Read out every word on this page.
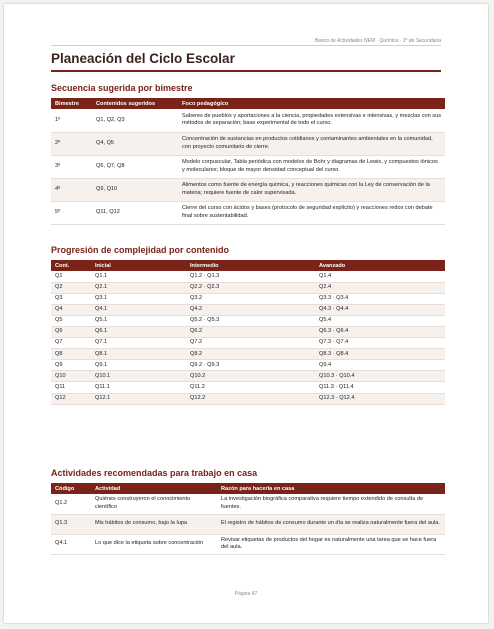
Banco de Actividades NEM · Química · 3° de Secundaria
Planeación del Ciclo Escolar
Secuencia sugerida por bimestre
Bimestre	Contenidos sugeridos	Foco pedagógico
1º	Q1, Q2, Q3	Saberes de pueblos y aportaciones a la ciencia, propiedades extensivas e intensivas, y mezclas con sus métodos de separación; base experimental de todo el curso.
2º	Q4, Q5	Concentración de sustancias en productos cotidianos y contaminantes ambientales en la comunidad, con proyecto comunitario de cierre.
3º	Q6, Q7, Q8	Modelo corpuscular, Tabla periódica con modelos de Bohr y diagramas de Lewis, y compuestos iónicos y moleculares; bloque de mayor densidad conceptual del curso.
4º	Q9, Q10	Alimentos como fuente de energía química, y reacciones químicas con la Ley de conservación de la materia; requiere fuente de calor supervisada.
5º	Q11, Q12	Cierre del curso con ácidos y bases (protocolo de seguridad explícito) y reacciones redox con debate final sobre sustentabilidad.
Progresión de complejidad por contenido
Cont.	Inicial	Intermedio	Avanzado
Q1	Q1.1	Q1.2 · Q1.3	Q1.4
Q2	Q2.1	Q2.2 · Q2.3	Q2.4
Q3	Q3.1	Q3.2	Q3.3 · Q3.4
Q4	Q4.1	Q4.2	Q4.3 · Q4.4
Q5	Q5.1	Q5.2 · Q5.3	Q5.4
Q6	Q6.1	Q6.2	Q6.3 · Q6.4
Q7	Q7.1	Q7.2	Q7.3 · Q7.4
Q8	Q8.1	Q8.2	Q8.3 · Q8.4
Q9	Q9.1	Q9.2 · Q9.3	Q9.4
Q10	Q10.1	Q10.2	Q10.3 · Q10.4
Q11	Q11.1	Q11.2	Q11.3 · Q11.4
Q12	Q12.1	Q12.2	Q12.3 · Q12.4
Actividades recomendadas para trabajo en casa
Código	Actividad	Razón para hacerla en casa
Q1.2	Quiénes construyeron el conocimiento científico	La investigación biográfica comparativa requiere tiempo extendido de consulta de fuentes.
Q1.3	Mis hábitos de consumo, bajo la lupa	El registro de hábitos de consumo durante un día se realiza naturalmente fuera del aula.
Q4.1	Lo que dice la etiqueta sobre concentración	Revisar etiquetas de productos del hogar es naturalmente una tarea que se hace fuera del aula.
Página 47
